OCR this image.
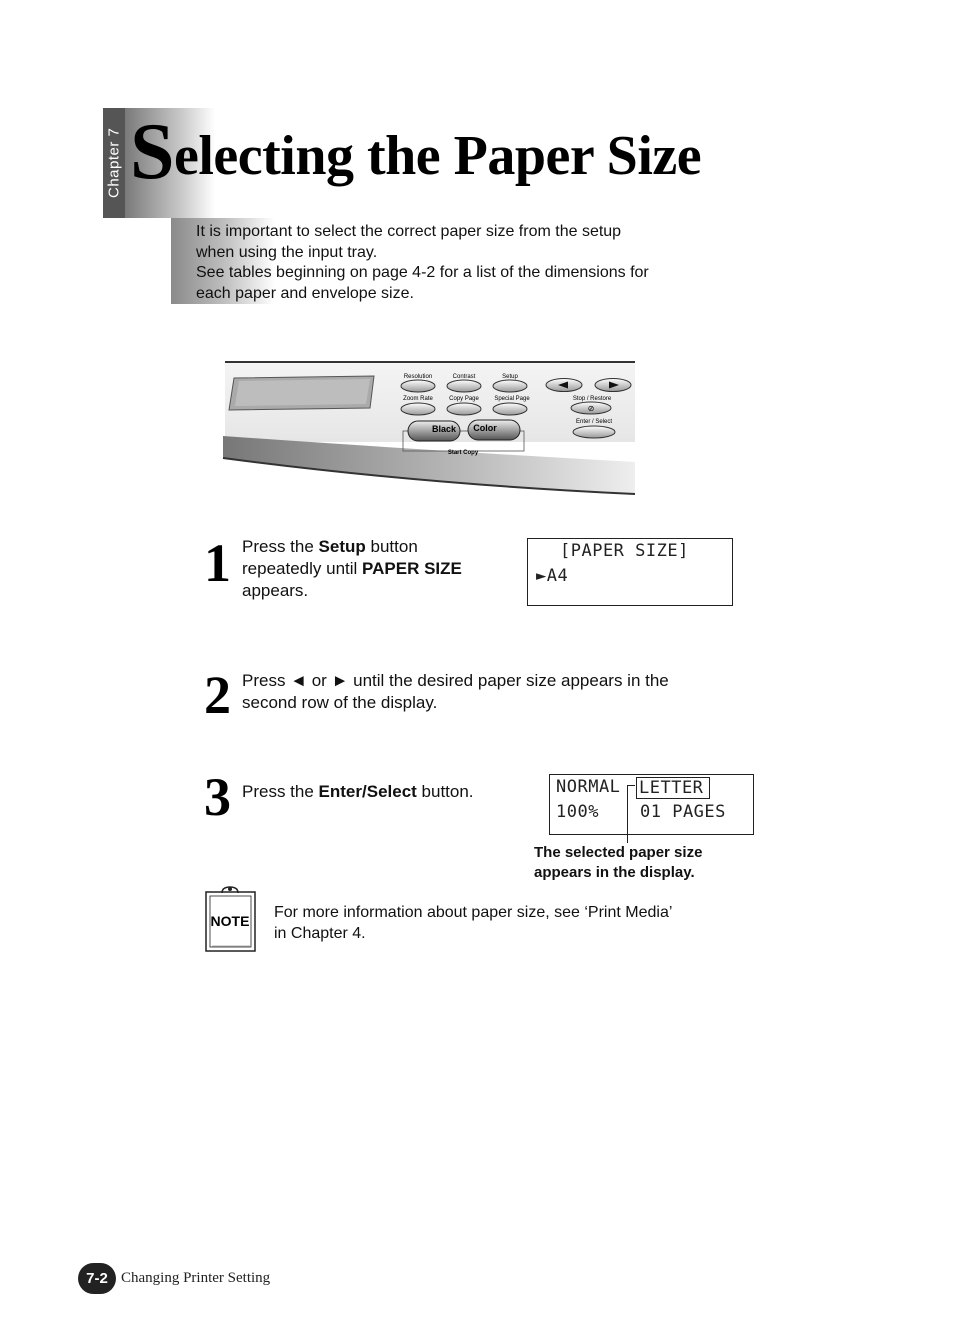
Chapter 7 Selecting the Paper Size

It is important to select the correct paper size from the setup

when using the input tray.

See tables beginning on page 4-2 for a list of the dimensions for

each paper and envelope size.

Resolution	Contrast	Setup
Zoom Rate	Copy Page	Special Page
Black Color
Start Copy
Stop / Restore
⊘
Enter / Select
1 Press the Setup button
repeatedly until PAPER SIZE
appears.
[PAPER SIZE]
►A4
2 Press ◄ or ► until the desired paper size appears in the
second row of the display.
3 Press the Enter/Select button.	NORMAL LETTER
100% 01 PAGES
The selected paper size
appears in the display.
NOTE For more information about paper size, see ‘Print Media’
in Chapter 4.
7-2 Changing Printer Setting
